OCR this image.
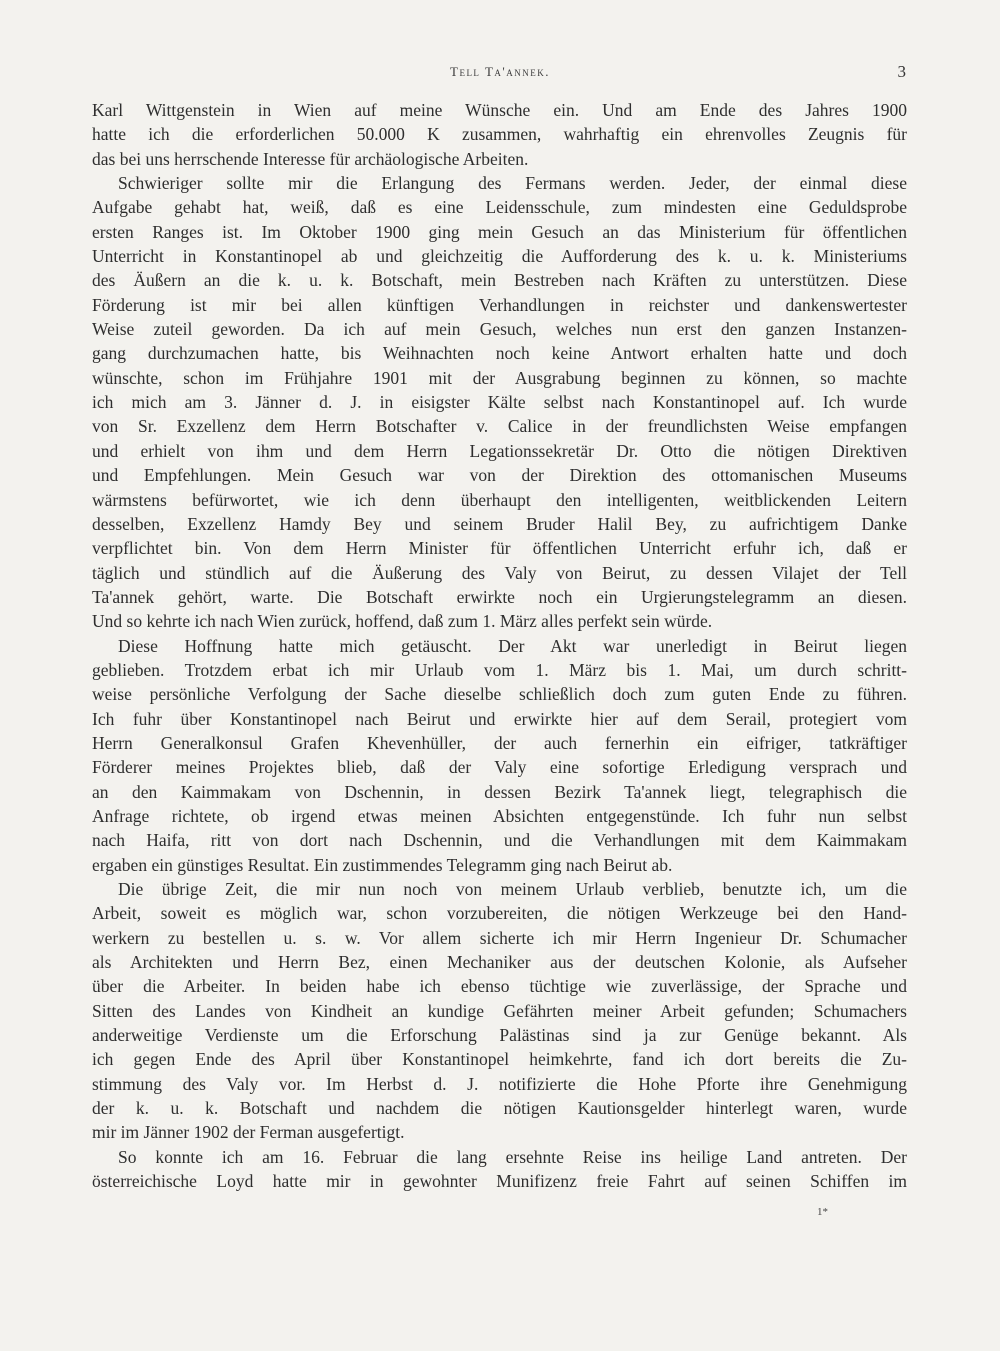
Tell Ta'annek.	3
Karl Wittgenstein in Wien auf meine Wünsche ein. Und am Ende des Jahres 1900
hatte ich die erforderlichen 50.000 K zusammen, wahrhaftig ein ehrenvolles Zeugnis für
das bei uns herrschende Interesse für archäologische Arbeiten.
Schwieriger sollte mir die Erlangung des Fermans werden. Jeder, der einmal diese
Aufgabe gehabt hat, weiß, daß es eine Leidensschule, zum mindesten eine Geduldsprobe
ersten Ranges ist. Im Oktober 1900 ging mein Gesuch an das Ministerium für öffentlichen
Unterricht in Konstantinopel ab und gleichzeitig die Aufforderung des k. u. k. Ministeriums
des Äußern an die k. u. k. Botschaft, mein Bestreben nach Kräften zu unterstützen. Diese
Förderung ist mir bei allen künftigen Verhandlungen in reichster und dankenswertester
Weise zuteil geworden. Da ich auf mein Gesuch, welches nun erst den ganzen Instanzen-
gang durchzumachen hatte, bis Weihnachten noch keine Antwort erhalten hatte und doch
wünschte, schon im Frühjahre 1901 mit der Ausgrabung beginnen zu können, so machte
ich mich am 3. Jänner d. J. in eisigster Kälte selbst nach Konstantinopel auf. Ich wurde
von Sr. Exzellenz dem Herrn Botschafter v. Calice in der freundlichsten Weise empfangen
und erhielt von ihm und dem Herrn Legationssekretär Dr. Otto die nötigen Direktiven
und Empfehlungen. Mein Gesuch war von der Direktion des ottomanischen Museums
wärmstens befürwortet, wie ich denn überhaupt den intelligenten, weitblickenden Leitern
desselben, Exzellenz Hamdy Bey und seinem Bruder Halil Bey, zu aufrichtigem Danke
verpflichtet bin. Von dem Herrn Minister für öffentlichen Unterricht erfuhr ich, daß er
täglich und stündlich auf die Äußerung des Valy von Beirut, zu dessen Vilajet der Tell
Ta'annek gehört, warte. Die Botschaft erwirkte noch ein Urgierungstelegramm an diesen.
Und so kehrte ich nach Wien zurück, hoffend, daß zum 1. März alles perfekt sein würde.
Diese Hoffnung hatte mich getäuscht. Der Akt war unerledigt in Beirut liegen
geblieben. Trotzdem erbat ich mir Urlaub vom 1. März bis 1. Mai, um durch schritt-
weise persönliche Verfolgung der Sache dieselbe schließlich doch zum guten Ende zu führen.
Ich fuhr über Konstantinopel nach Beirut und erwirkte hier auf dem Serail, protegiert vom
Herrn Generalkonsul Grafen Khevenhüller, der auch fernerhin ein eifriger, tatkräftiger
Förderer meines Projektes blieb, daß der Valy eine sofortige Erledigung versprach und
an den Kaimmakam von Dschennin, in dessen Bezirk Ta'annek liegt, telegraphisch die
Anfrage richtete, ob irgend etwas meinen Absichten entgegenstünde. Ich fuhr nun selbst
nach Haifa, ritt von dort nach Dschennin, und die Verhandlungen mit dem Kaimmakam
ergaben ein günstiges Resultat. Ein zustimmendes Telegramm ging nach Beirut ab.
Die übrige Zeit, die mir nun noch von meinem Urlaub verblieb, benutzte ich, um die
Arbeit, soweit es möglich war, schon vorzubereiten, die nötigen Werkzeuge bei den Hand-
werkern zu bestellen u. s. w. Vor allem sicherte ich mir Herrn Ingenieur Dr. Schumacher
als Architekten und Herrn Bez, einen Mechaniker aus der deutschen Kolonie, als Aufseher
über die Arbeiter. In beiden habe ich ebenso tüchtige wie zuverlässige, der Sprache und
Sitten des Landes von Kindheit an kundige Gefährten meiner Arbeit gefunden; Schumachers
anderweitige Verdienste um die Erforschung Palästinas sind ja zur Genüge bekannt. Als
ich gegen Ende des April über Konstantinopel heimkehrte, fand ich dort bereits die Zu-
stimmung des Valy vor. Im Herbst d. J. notifizierte die Hohe Pforte ihre Genehmigung
der k. u. k. Botschaft und nachdem die nötigen Kautionsgelder hinterlegt waren, wurde
mir im Jänner 1902 der Ferman ausgefertigt.
So konnte ich am 16. Februar die lang ersehnte Reise ins heilige Land antreten. Der
österreichische Loyd hatte mir in gewohnter Munifizenz freie Fahrt auf seinen Schiffen im
1*
